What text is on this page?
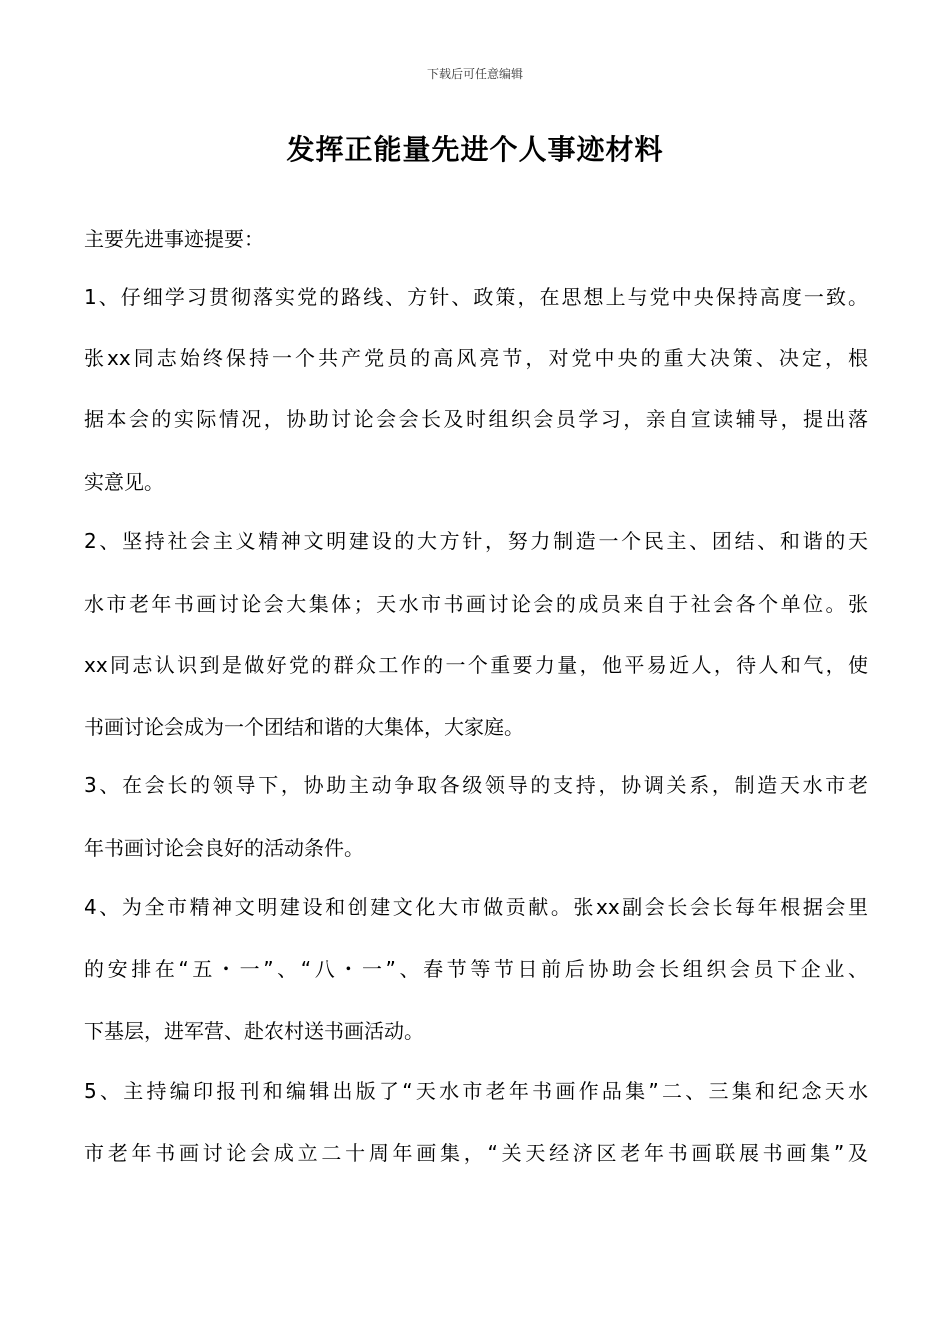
下载后可任意编辑
发挥正能量先进个人事迹材料
主要先进事迹提要：
1、仔细学习贯彻落实党的路线、方针、政策，在思想上与党中央保持高度一致。
张xx同志始终保持一个共产党员的高风亮节，对党中央的重大决策、决定，根
据本会的实际情况，协助讨论会会长及时组织会员学习，亲自宣读辅导，提出落
实意见。
2、坚持社会主义精神文明建设的大方针，努力制造一个民主、团结、和谐的天
水市老年书画讨论会大集体；天水市书画讨论会的成员来自于社会各个单位。张
xx同志认识到是做好党的群众工作的一个重要力量，他平易近人，待人和气，使
书画讨论会成为一个团结和谐的大集体，大家庭。
3、在会长的领导下，协助主动争取各级领导的支持，协调关系，制造天水市老
年书画讨论会良好的活动条件。
4、为全市精神文明建设和创建文化大市做贡献。张xx副会长会长每年根据会里
的安排在“五・一”、“八・一”、春节等节日前后协助会长组织会员下企业、
下基层，进军营、赴农村送书画活动。
5、主持编印报刊和编辑出版了“天水市老年书画作品集”二、三集和纪念天水
市老年书画讨论会成立二十周年画集，“关天经济区老年书画联展书画集”及
